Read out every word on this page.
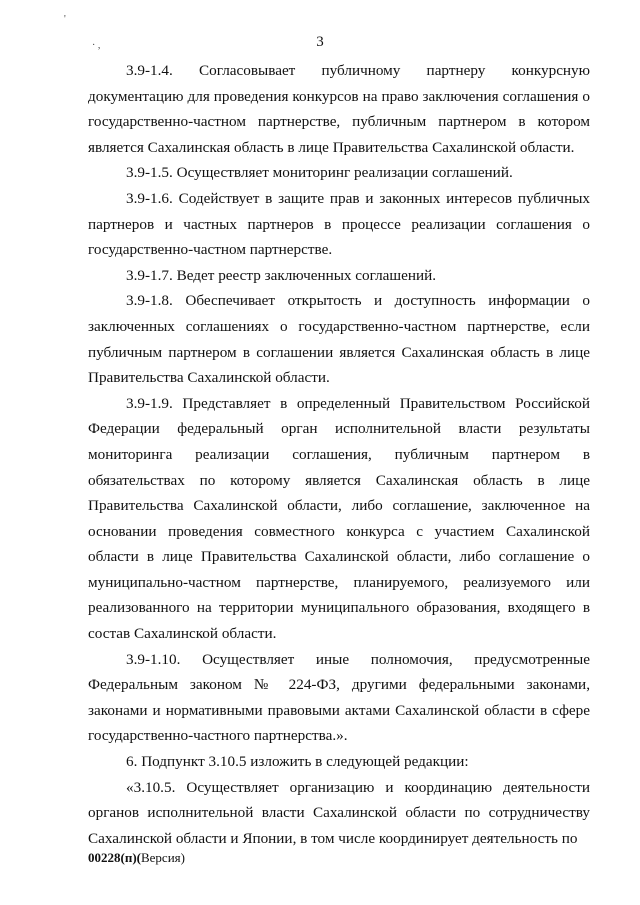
'
· ,	3

3.9-1.4. Согласовывает публичному партнеру конкурсную документацию для проведения конкурсов на право заключения соглашения о государственно-частном партнерстве, публичным партнером в котором является Сахалинская область в лице Правительства Сахалинской области.

3.9-1.5. Осуществляет мониторинг реализации соглашений.

3.9-1.6. Содействует в защите прав и законных интересов публичных партнеров и частных партнеров в процессе реализации соглашения о государственно-частном партнерстве.

3.9-1.7. Ведет реестр заключенных соглашений.

3.9-1.8. Обеспечивает открытость и доступность информации о заключенных соглашениях о государственно-частном партнерстве, если публичным партнером в соглашении является Сахалинская область в лице Правительства Сахалинской области.

3.9-1.9. Представляет в определенный Правительством Российской Федерации федеральный орган исполнительной власти результаты мониторинга реализации соглашения, публичным партнером в обязательствах по которому является Сахалинская область в лице Правительства Сахалинской области, либо соглашение, заключенное на основании проведения совместного конкурса с участием Сахалинской области в лице Правительства Сахалинской области, либо соглашение о муниципально-частном партнерстве, планируемого, реализуемого или реализованного на территории муниципального образования, входящего в состав Сахалинской области.

3.9-1.10. Осуществляет иные полномочия, предусмотренные Федеральным законом № 224-ФЗ, другими федеральными законами, законами и нормативными правовыми актами Сахалинской области в сфере государственно-частного партнерства.».

6. Подпункт 3.10.5 изложить в следующей редакции:

«3.10.5. Осуществляет организацию и координацию деятельности органов исполнительной власти Сахалинской области по сотрудничеству Сахалинской области и Японии, в том числе координирует деятельность по

00228(п)(Версия)
